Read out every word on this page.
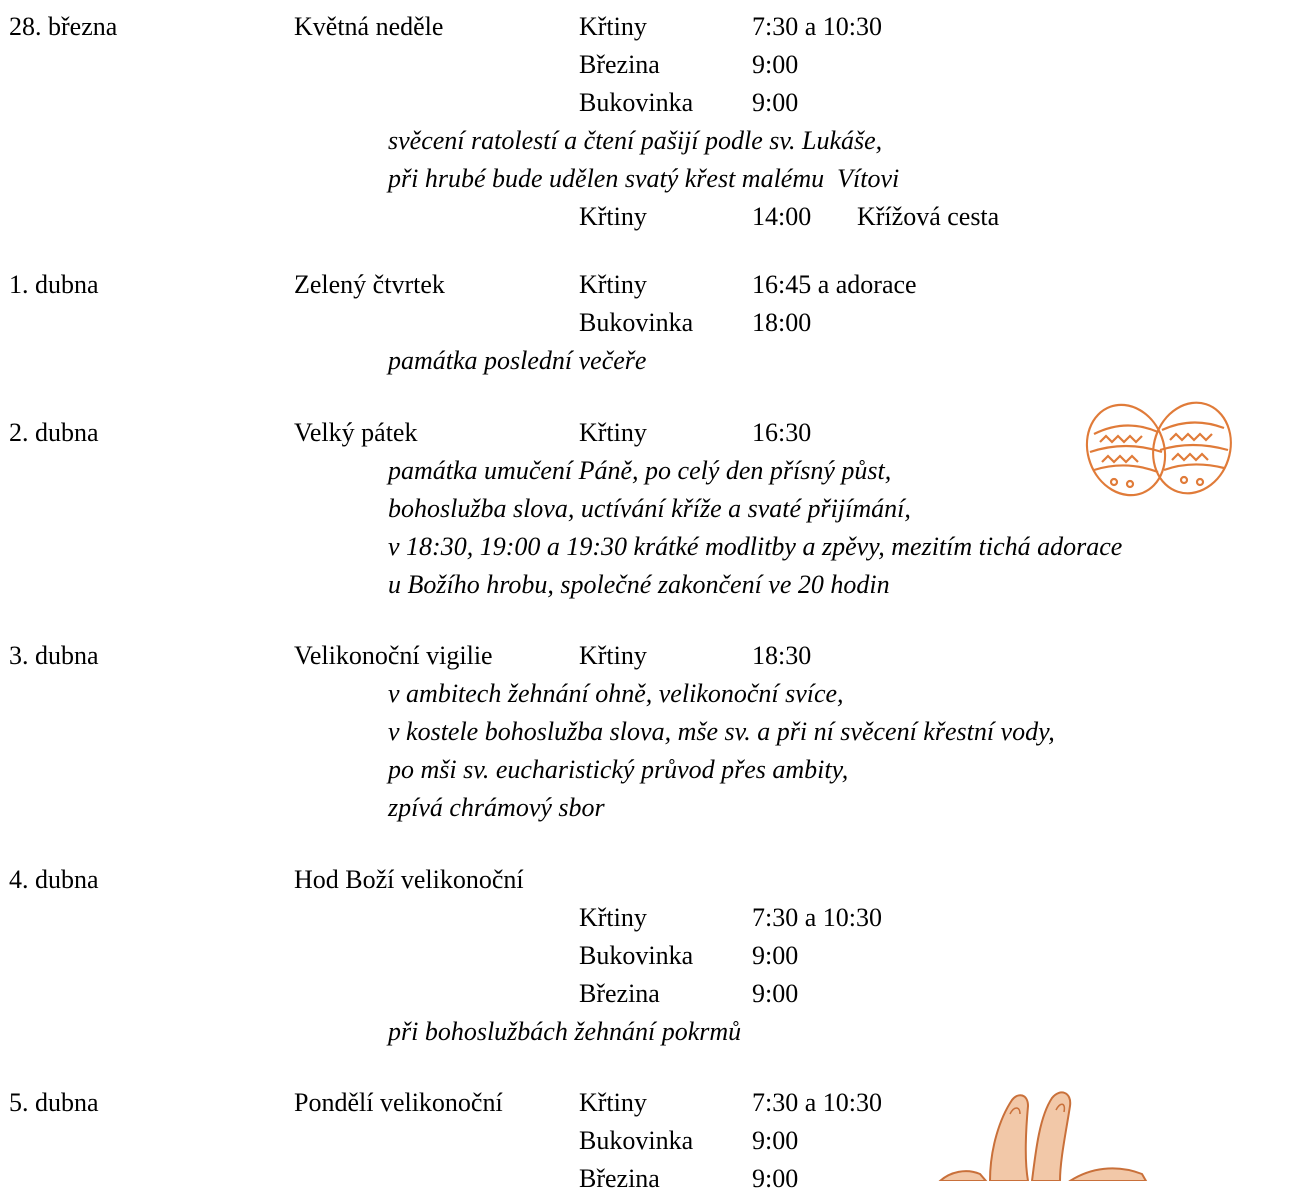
28. března	Květná neděle	Křtiny	7:30 a 10:30
Březina	9:00
Bukovinka 9:00
svěcení ratolestí a čtení pašijí podle sv. Lukáše,
při hrubé bude udělen svatý křest malému  Vítovi
Křtiny	14:00 Křížová cesta
1. dubna	Zelený čtvrtek	Křtiny	16:45 a adorace
Bukovinka 18:00
památka poslední večeře
2. dubna	Velký pátek	Křtiny	16:30
památka umučení Páně, po celý den přísný půst,
bohoslužba slova, uctívání kříže a svaté přijímání,
v 18:30, 19:00 a 19:30 krátké modlitby a zpěvy, mezitím tichá adorace
u Božího hrobu, společné zakončení ve 20 hodin
3. dubna	Velikonoční vigilie	Křtiny	18:30
v ambitech žehnání ohně, velikonoční svíce,
v kostele bohoslužba slova, mše sv. a při ní svěcení křestní vody,
po mši sv. eucharistický průvod přes ambity,
zpívá chrámový sbor
4. dubna	Hod Boží velikonoční
Křtiny	7:30 a 10:30
Bukovinka 9:00
Březina	9:00
při bohoslužbách žehnání pokrmů
5. dubna	Pondělí velikonoční	Křtiny	7:30 a 10:30
Bukovinka 9:00
Březina	9:00
